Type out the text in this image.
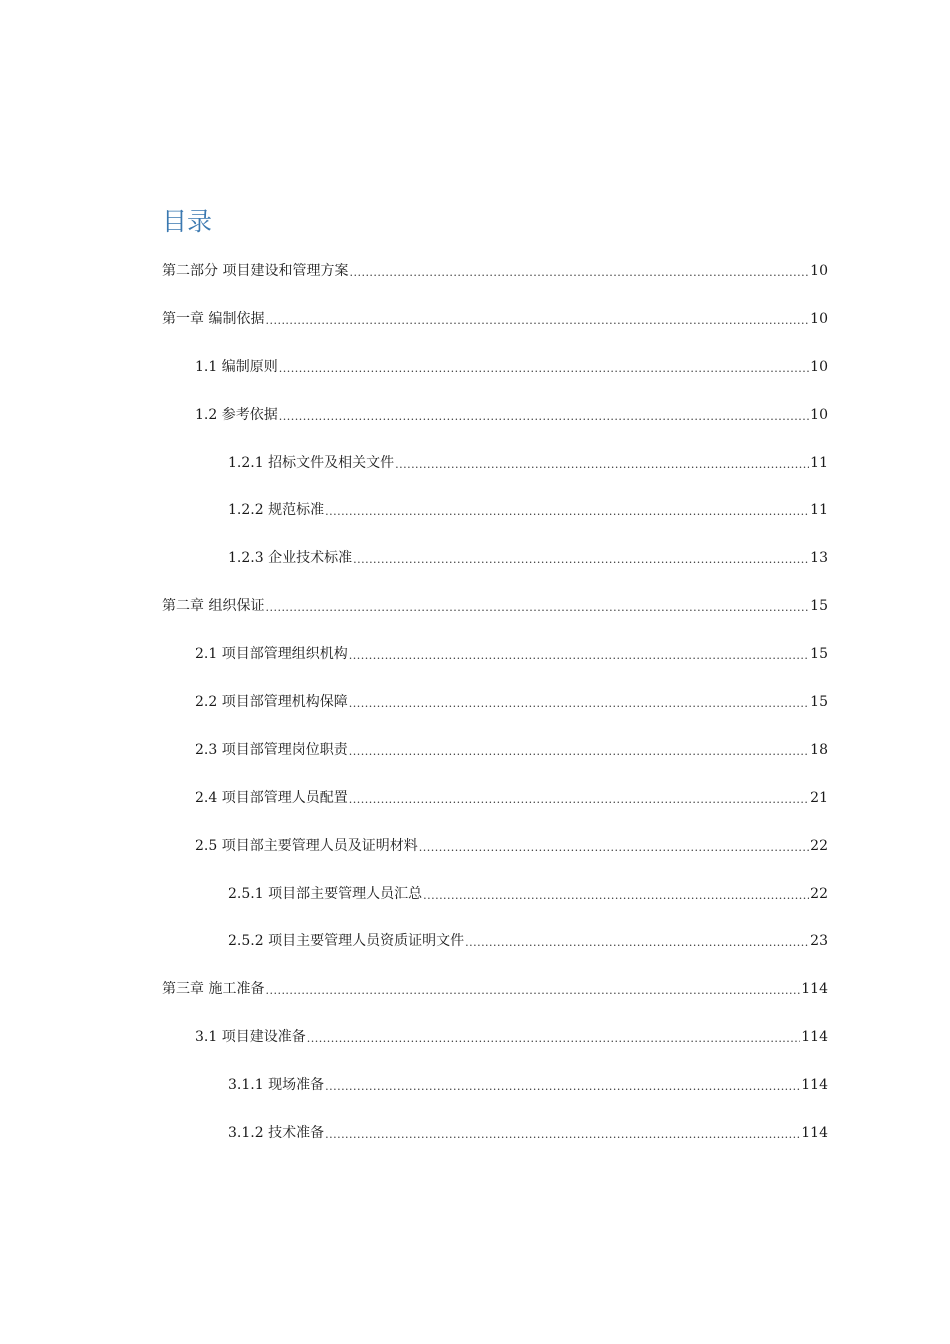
目录
第二部分 项目建设和管理方案 .....	10
第一章 编制依据 .....	10
1.1 编制原则 .....	10
1.2 参考依据 .....	10
1.2.1 招标文件及相关文件 .....	11
1.2.2 规范标准 .....	11
1.2.3 企业技术标准 .....	13
第二章 组织保证 .....	15
2.1 项目部管理组织机构 .....	15
2.2 项目部管理机构保障 .....	15
2.3 项目部管理岗位职责 .....	18
2.4 项目部管理人员配置 .....	21
2.5 项目部主要管理人员及证明材料 .....	22
2.5.1 项目部主要管理人员汇总 .....	22
2.5.2 项目主要管理人员资质证明文件 .....	23
第三章 施工准备 .....	114
3.1 项目建设准备 .....	114
3.1.1 现场准备 .....	114
3.1.2 技术准备 .....	114
